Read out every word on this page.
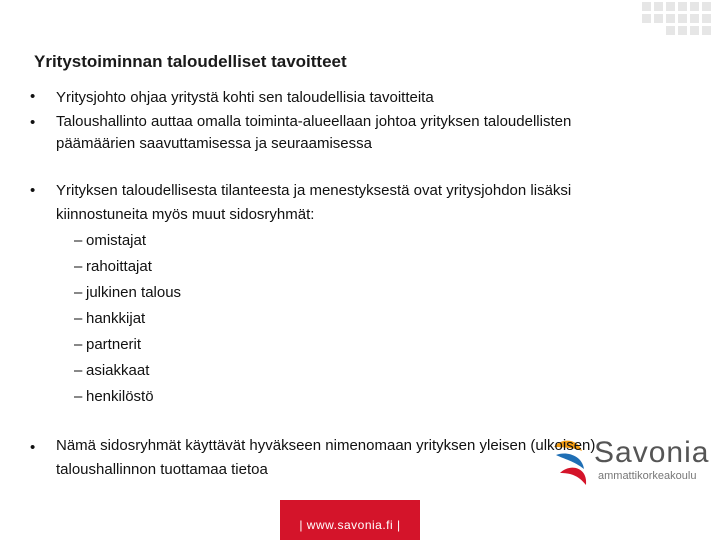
Yritystoiminnan taloudelliset tavoitteet
• Yritysjohto ohjaa yritystä kohti sen taloudellisia tavoitteita
• Taloushallinto auttaa omalla toiminta-alueellaan johtoa yrityksen taloudellisten
päämäärien saavuttamisessa ja seuraamisessa
• Yrityksen taloudellisesta tilanteesta ja menestyksestä ovat yritysjohdon lisäksi
kiinnostuneita myös muut sidosryhmät:
– omistajat
– rahoittajat
– julkinen talous
– hankkijat
– partnerit
– asiakkaat
– henkilöstö
Savonia
ammattikorkeakoulu
• Nämä sidosryhmät käyttävät hyväkseen nimenomaan yrityksen yleisen (ulkoisen)
taloushallinnon tuottamaa tietoa
| www.savonia.fi |
